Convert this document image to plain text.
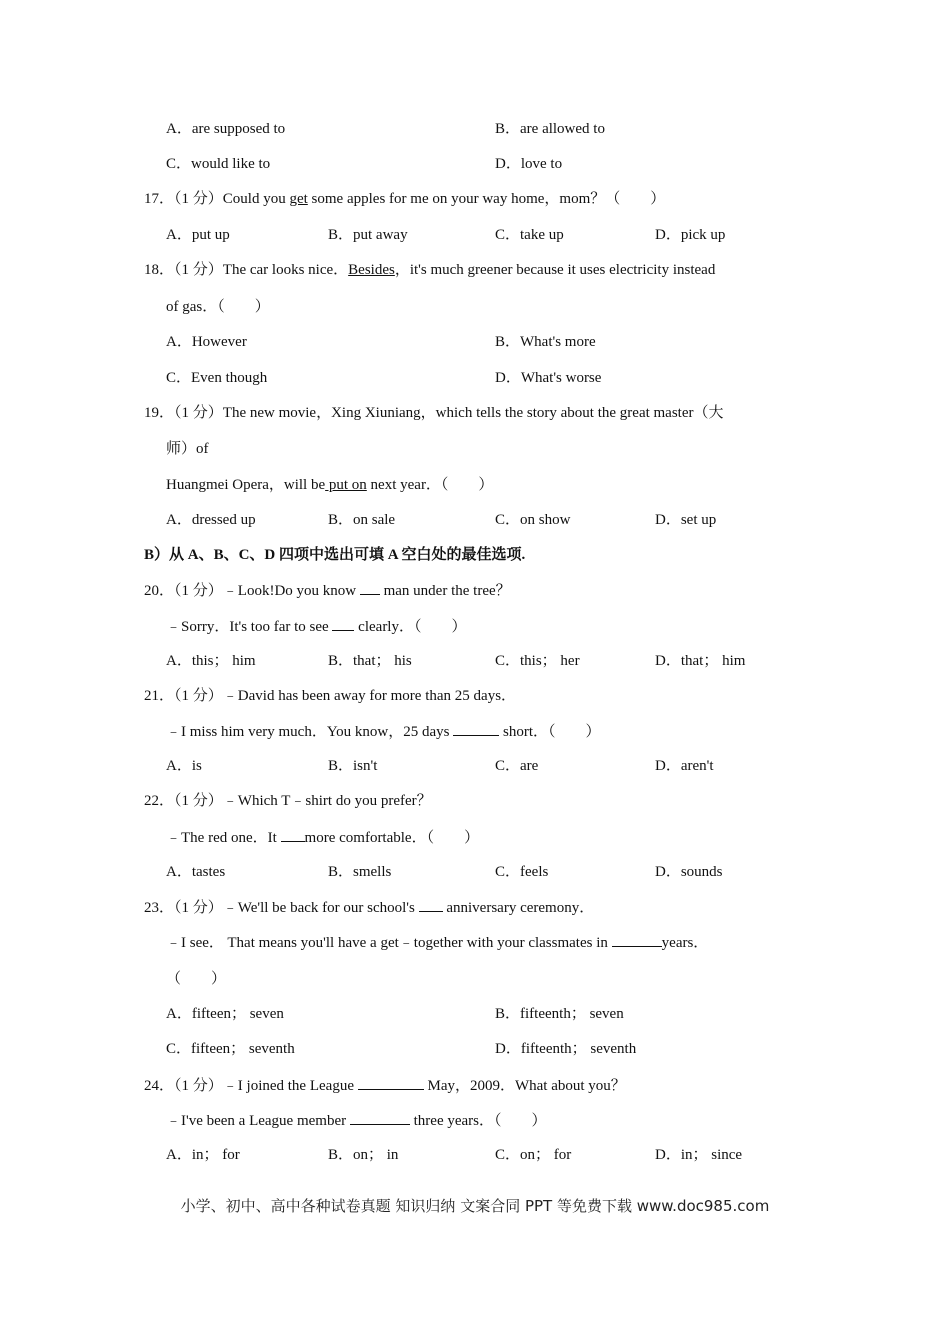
A．are supposed to	B．are allowed to
C．would like to	D．love to
17．（1 分）Could you get some apples for me on your way home，mom？（　　）
A．put up	B．put away	C．take up	D．pick up
18．（1 分）The car looks nice．Besides，it's much greener because it uses electricity instead
of gas．（　　）
A．However	B．What's more
C．Even though	D．What's worse
19．（1 分）The new movie，Xing Xiuniang，which tells the story about the great master（大
师）of
Huangmei Opera，will be put on next year．（　　）
A．dressed up	B．on sale	C．on show	D．set up
B）从 A、B、C、D 四项中选出可填 A 空白处的最佳选项.
20．（1 分）﹣Look!Do you know  man under the tree？
﹣Sorry．It's too far to see  clearly．（　　）
A．this； him	B．that； his	C．this； her	D．that； him
21．（1 分）﹣David has been away for more than 25 days．
﹣I miss him very much．You know，25 days	short．（　　）
A．is	B．isn't	C．are	D．aren't
22．（1 分）﹣Which T﹣shirt do you prefer？
﹣The red one．It more comfortable．（　　）
A．tastes	B．smells	C．feels	D．sounds
23．（1 分）﹣We'll be back for our school's  anniversary ceremony．
﹣I see． That means you'll have a get﹣together with your classmates in	years．
（　　）
A．fifteen； seven	B．fifteenth； seven
C．fifteen； seventh	D．fifteenth； seventh
24．（1 分）﹣I joined the League	May，2009．What about you？
﹣I've been a League member	three years．（　　）
A．in； for	B．on； in	C．on； for	D．in； since
小学、初中、高中各种试卷真题 知识归纳 文案合同 PPT 等免费下载 www.doc985.com
